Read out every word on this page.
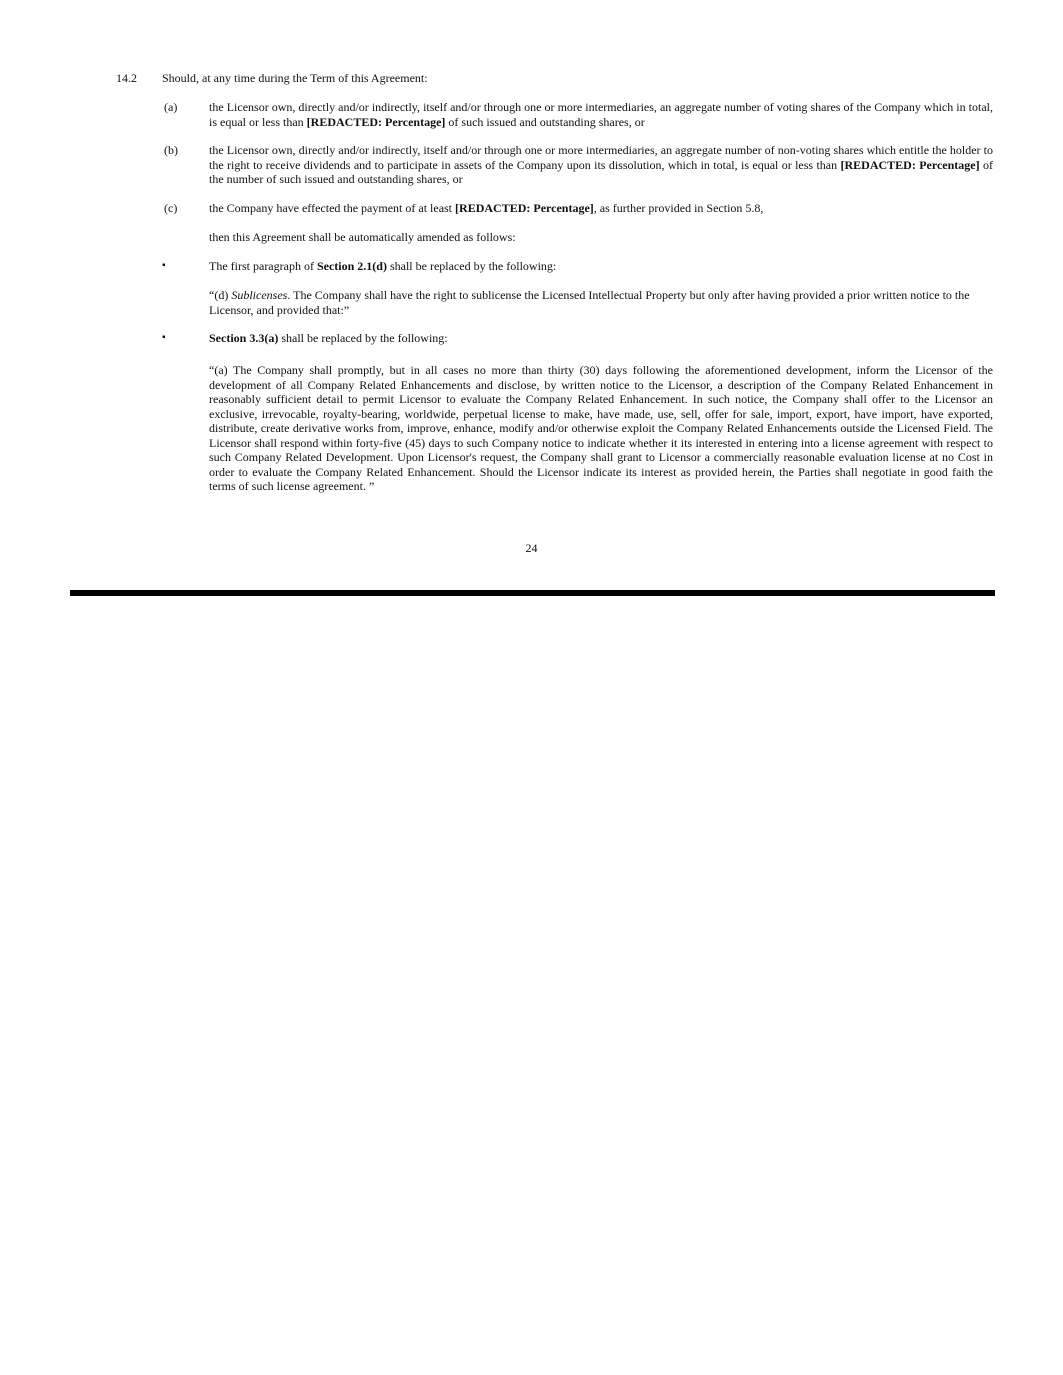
14.2 Should, at any time during the Term of this Agreement:
(a)	the Licensor own, directly and/or indirectly, itself and/or through one or more intermediaries, an aggregate number of voting shares of the Company which in total, is equal or less than [REDACTED: Percentage] of such issued and outstanding shares, or
(b)	the Licensor own, directly and/or indirectly, itself and/or through one or more intermediaries, an aggregate number of non-voting shares which entitle the holder to the right to receive dividends and to participate in assets of the Company upon its dissolution, which in total, is equal or less than [REDACTED: Percentage] of the number of such issued and outstanding shares, or
(c)	the Company have effected the payment of at least [REDACTED: Percentage], as further provided in Section 5.8,
then this Agreement shall be automatically amended as follows:
▪	The first paragraph of Section 2.1(d) shall be replaced by the following:
“(d) Sublicenses. The Company shall have the right to sublicense the Licensed Intellectual Property but only after having provided a prior written notice to the Licensor, and provided that:”
▪	Section 3.3(a) shall be replaced by the following:
“(a) The Company shall promptly, but in all cases no more than thirty (30) days following the aforementioned development, inform the Licensor of the development of all Company Related Enhancements and disclose, by written notice to the Licensor, a description of the Company Related Enhancement in reasonably sufficient detail to permit Licensor to evaluate the Company Related Enhancement. In such notice, the Company shall offer to the Licensor an exclusive, irrevocable, royalty-bearing, worldwide, perpetual license to make, have made, use, sell, offer for sale, import, export, have import, have exported, distribute, create derivative works from, improve, enhance, modify and/or otherwise exploit the Company Related Enhancements outside the Licensed Field. The Licensor shall respond within forty-five (45) days to such Company notice to indicate whether it its interested in entering into a license agreement with respect to such Company Related Development. Upon Licensor's request, the Company shall grant to Licensor a commercially reasonable evaluation license at no Cost in order to evaluate the Company Related Enhancement. Should the Licensor indicate its interest as provided herein, the Parties shall negotiate in good faith the terms of such license agreement. ”
24
